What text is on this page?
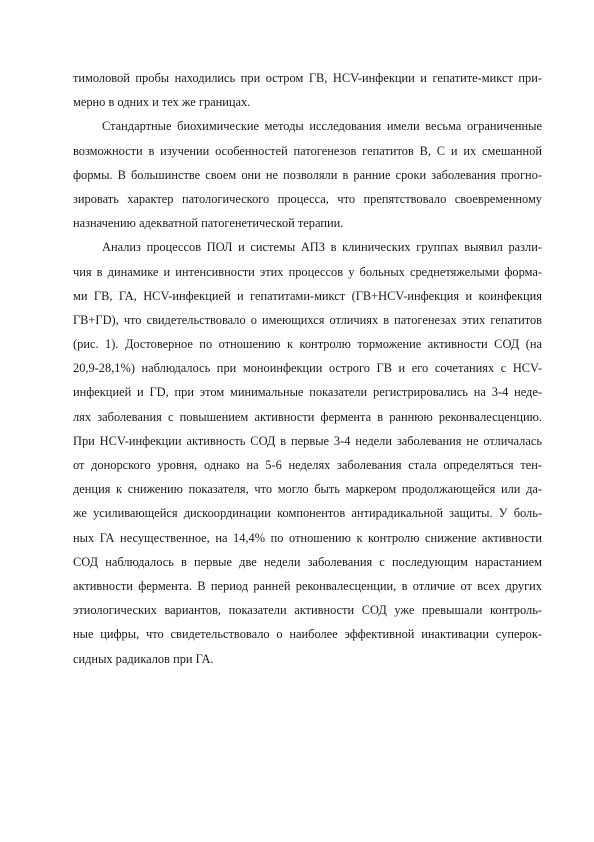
тимоловой пробы находились при остром ГВ, HCV-инфекции и гепатите-микст при-
мерно в одних и тех же границах.
Стандартные биохимические методы исследования имели весьма ограниченные
возможности в изучении особенностей патогенезов гепатитов В, С и их смешанной
формы. В большинстве своем они не позволяли в ранние сроки заболевания прогно-
зировать характер патологического процесса, что препятствовало своевременному
назначению адекватной патогенетической терапии.
Анализ процессов ПОЛ и системы АПЗ в клинических группах выявил разли-
чия в динамике и интенсивности этих процессов у больных среднетяжелыми форма-
ми ГВ, ГА, HCV-инфекцией и гепатитами-микст (ГВ+HCV-инфекция и коинфекция
ГВ+ГD), что свидетельствовало о имеющихся отличиях в патогенезах этих гепатитов
(рис. 1). Достоверное по отношению к контролю торможение активности СОД (на
20,9-28,1%) наблюдалось при моноинфекции острого ГВ и его сочетаниях с HCV-
инфекцией и ГD, при этом минимальные показатели регистрировались на 3-4 неде-
лях заболевания с повышением активности фермента в раннюю реконвалесценцию.
При HCV-инфекции активность СОД в первые 3-4 недели заболевания не отличалась
от донорского уровня, однако на 5-6 неделях заболевания стала определяться тен-
денция к снижению показателя, что могло быть маркером продолжающейся или да-
же усиливающейся дискоординации компонентов антирадикальной защиты. У боль-
ных ГА несущественное, на 14,4% по отношению к контролю снижение активности
СОД наблюдалось в первые две недели заболевания с последующим нарастанием
активности фермента. В период ранней реконвалесценции, в отличие от всех других
этиологических вариантов, показатели активности СОД уже превышали контроль-
ные цифры, что свидетельствовало о наиболее эффективной инактивации суперок-
сидных радикалов при ГА.
